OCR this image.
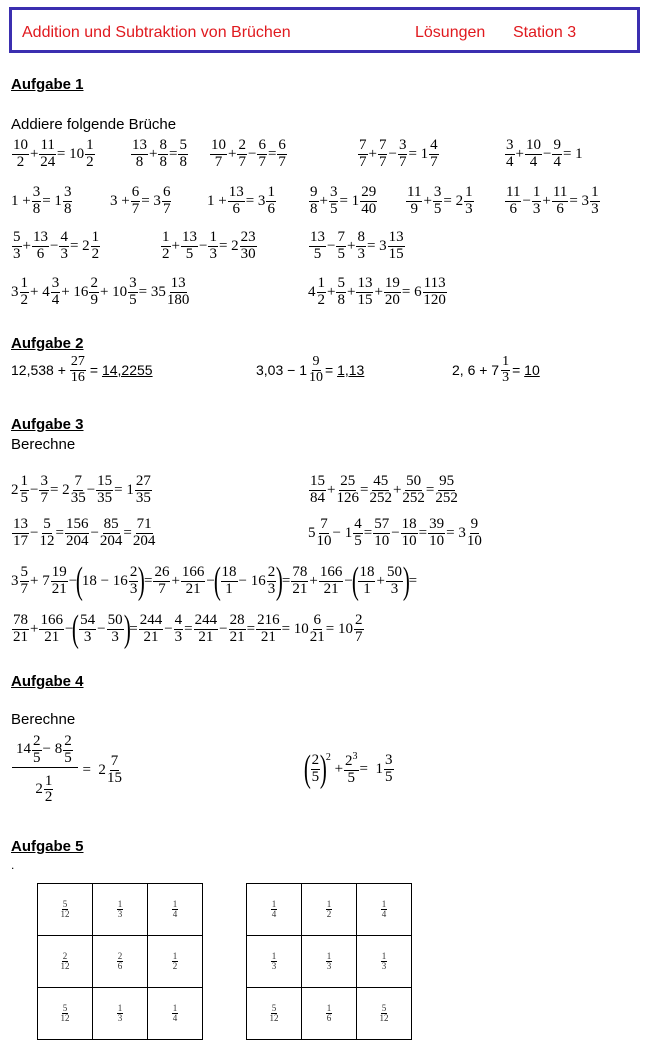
Addition und Subtraktion von Brüchen	Lösungen Station 3
Aufgabe 1
Addiere folgende Brüche
10
2 +
11
24 = 10
1
2
13
8 +
8
8 =
5
8
10
7 +
2
7 −
6
7 =
6
7
7
7 +
7
7 −
3
7 = 1
4
7
3
4 +
10
4 −
9
4 = 1
1 +
3
8 = 1
3
8	3 +
6
7 = 3
6
7 1 +
13
6 = 3
1
6
9
8 +
3
5 = 1
29
40
11
9 +
3
5 = 2
1
3
11
6 −
1
3 +
11
6 = 3
1
3
5
3 +
13
6 −
4
3 = 2
1
2
1
2 +
13
5 −
1
3 = 2
23
30
13
5 −
7
5 +
8
3 = 3
13
15
3
1
2 + 4
3
4 + 16
2
9 + 10
3
5 = 35
13
180	4
1
2 +
5
8 +
13
15 +
19
20 = 6
113
120
Aufgabe 2
$12,538 + \frac{27}{16} = 14,2255$	3,03 − 1
9
10 = 1,13	2, 6 + 7
1
3 = 10
Aufgabe 3
Berechne
2
1
5 −
3
7 = 2
7
35 −
15
35 = 1
27
35
15
84 +
25
126 =
45
252 +
50
252 =
95
252
13
17 −
5
12 =
156
204 −
85
204 =
71
204	5
7
10 − 1
4
5 =
57
10 −
18
10 =
39
10 = 3
9
10
3
5
7 + 7
19
21 −
(
18 − 16
2
3 )
=
26
7 +
166
21 −
( 18
1 − 16
2
3 )
=
78
21 +
166
21 −
( 18
1 +
50
3 )
=
78
21 +
166
21 −
( 54
3 −
50
3 )
=
244
21 −
4
3 =
244
21 −
28
21 =
216
21 = 10
6
21 = 10
2
7
Aufgabe 4
Berechne
14
2
5
− 8
2
5
2
1
2
=  2
7
15	( 2
5 )
2
+ $2^3$
5
=  1
3
5
Aufgabe 5
.
$\frac{5}{12}$	$\frac{1}{3}$	$\frac{1}{4}$

$\frac{2}{12}$	$\frac{2}{6}$	$\frac{1}{2}$

$\frac{5}{12}$	$\frac{1}{3}$	$\frac{1}{4}$
$\frac{1}{4}$	$\frac{1}{2}$	$\frac{1}{4}$

$\frac{1}{3}$	$\frac{1}{3}$	$\frac{1}{3}$

$\frac{5}{12}$	$\frac{1}{6}$	$\frac{5}{12}$
